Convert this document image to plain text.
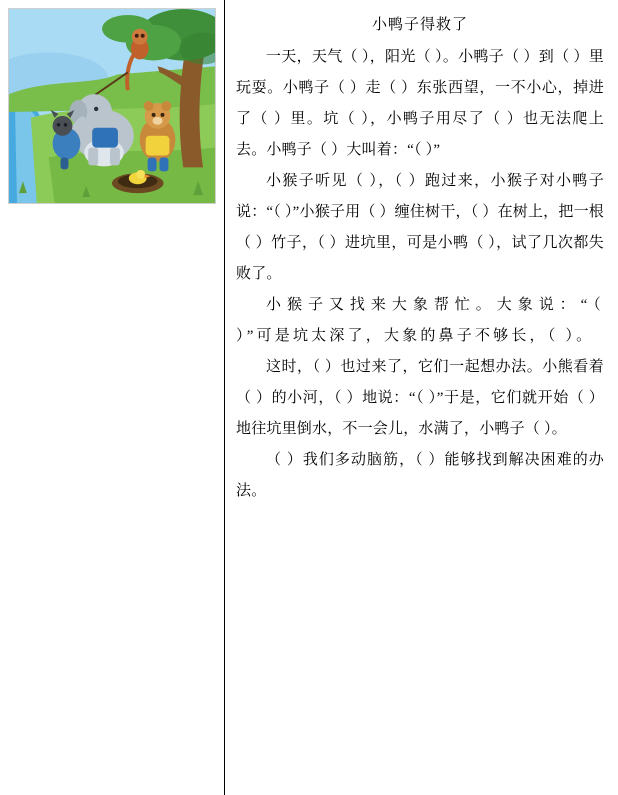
小鸭子得救了

一天，天气（ ），阳光（ ）。小鸭子（ ）到（ ）里玩耍。小鸭子（ ）走（ ）东张西望，一不小心，掉进了（ ）里。坑（ ），小鸭子用尽了（ ）也无法爬上去。小鸭子（ ）大叫着：“（ ）”

小猴子听见（ ），（ ）跑过来，小猴子对小鸭子说：“（ ）”小猴子用（ ）缠住树干，（ ）在树上，把一根（ ）竹子，（ ）进坑里，可是小鸭（ ），试了几次都失败了。

小猴子又找来大象帮忙。大象说：“（ ）”可是坑太深了，大象的鼻子不够长，（ ）。

这时，（ ）也过来了，它们一起想办法。小熊看着（ ）的小河，（ ）地说：“（ ）”于是，它们就开始（ ）地往坑里倒水，不一会儿，水满了，小鸭子（ ）。

（ ）我们多动脑筋，（ ）能够找到解决困难的办法。
